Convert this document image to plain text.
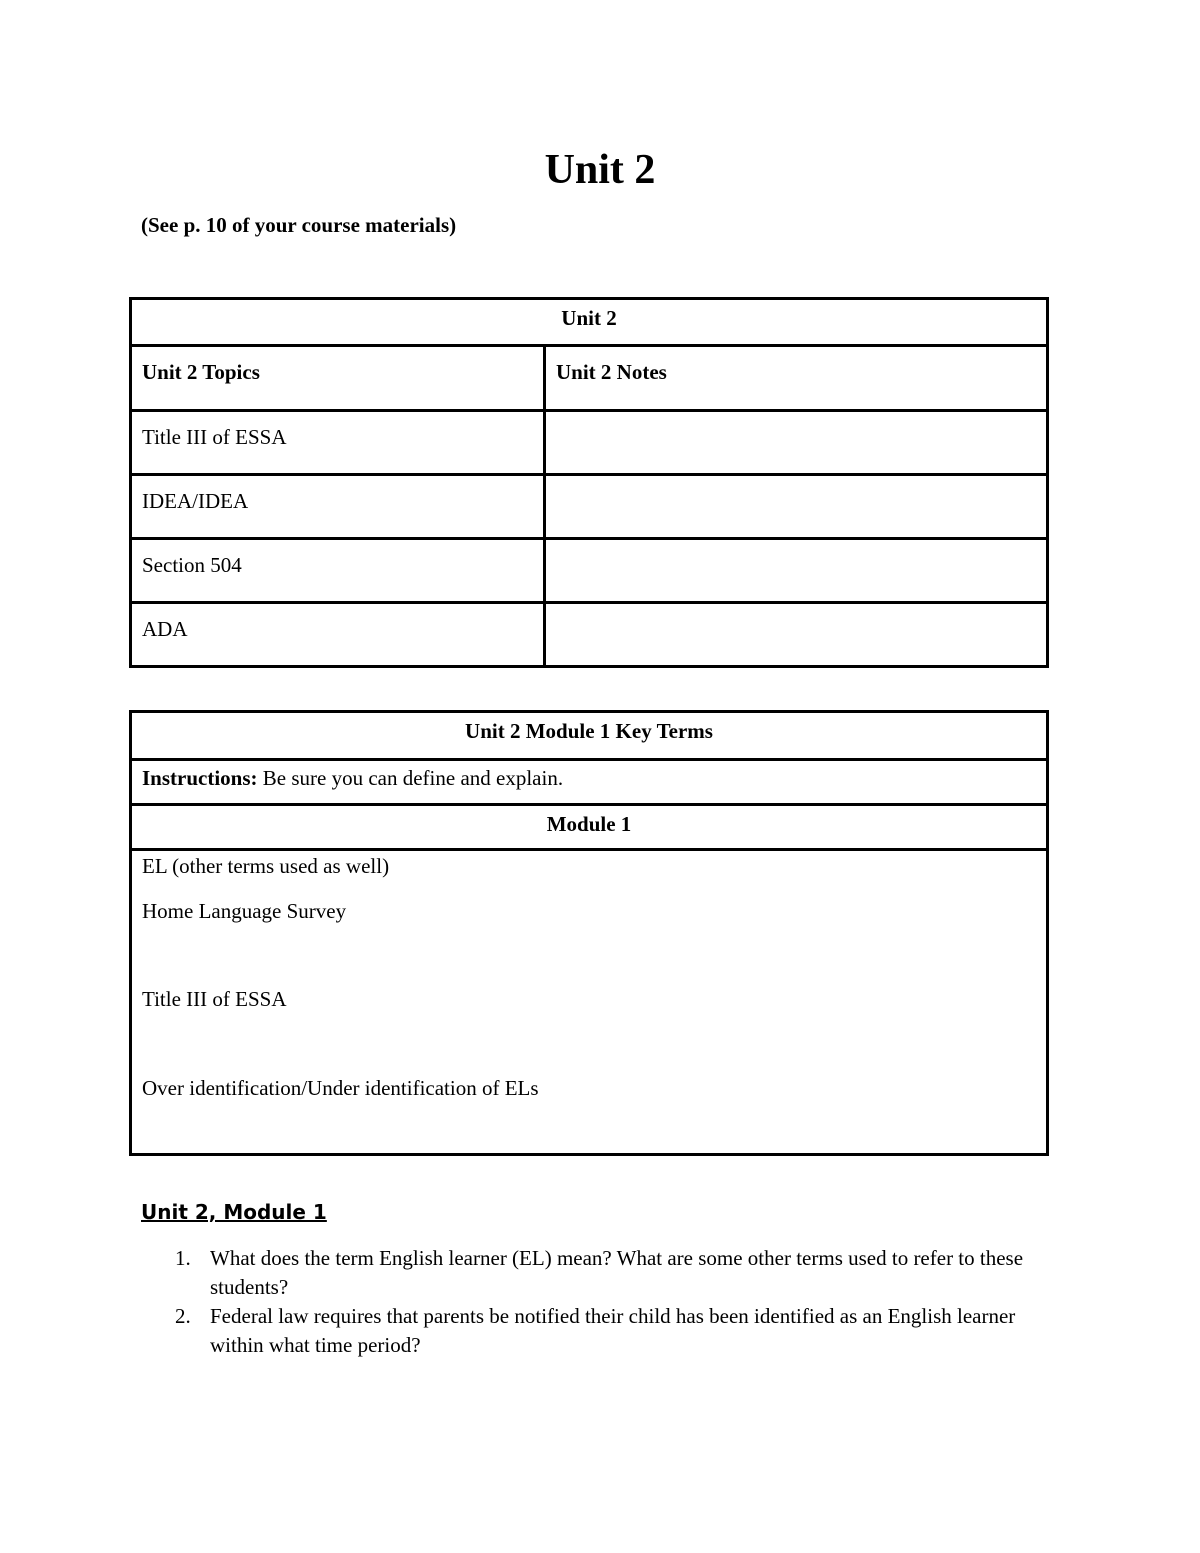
Unit 2
(See p. 10 of your course materials)
Unit 2
Unit 2 Topics	Unit 2 Notes
Title III of ESSA
IDEA/IDEA
Section 504
ADA
Unit 2 Module 1 Key Terms
Instructions: Be sure you can define and explain.
Module 1
EL (other terms used as well)
Home Language Survey
Title III of ESSA
Over identification/Under identification of ELs
Unit 2, Module 1
1. What does the term English learner (EL) mean? What are some other terms used to refer to these students?
2. Federal law requires that parents be notified their child has been identified as an English learner within what time period?
